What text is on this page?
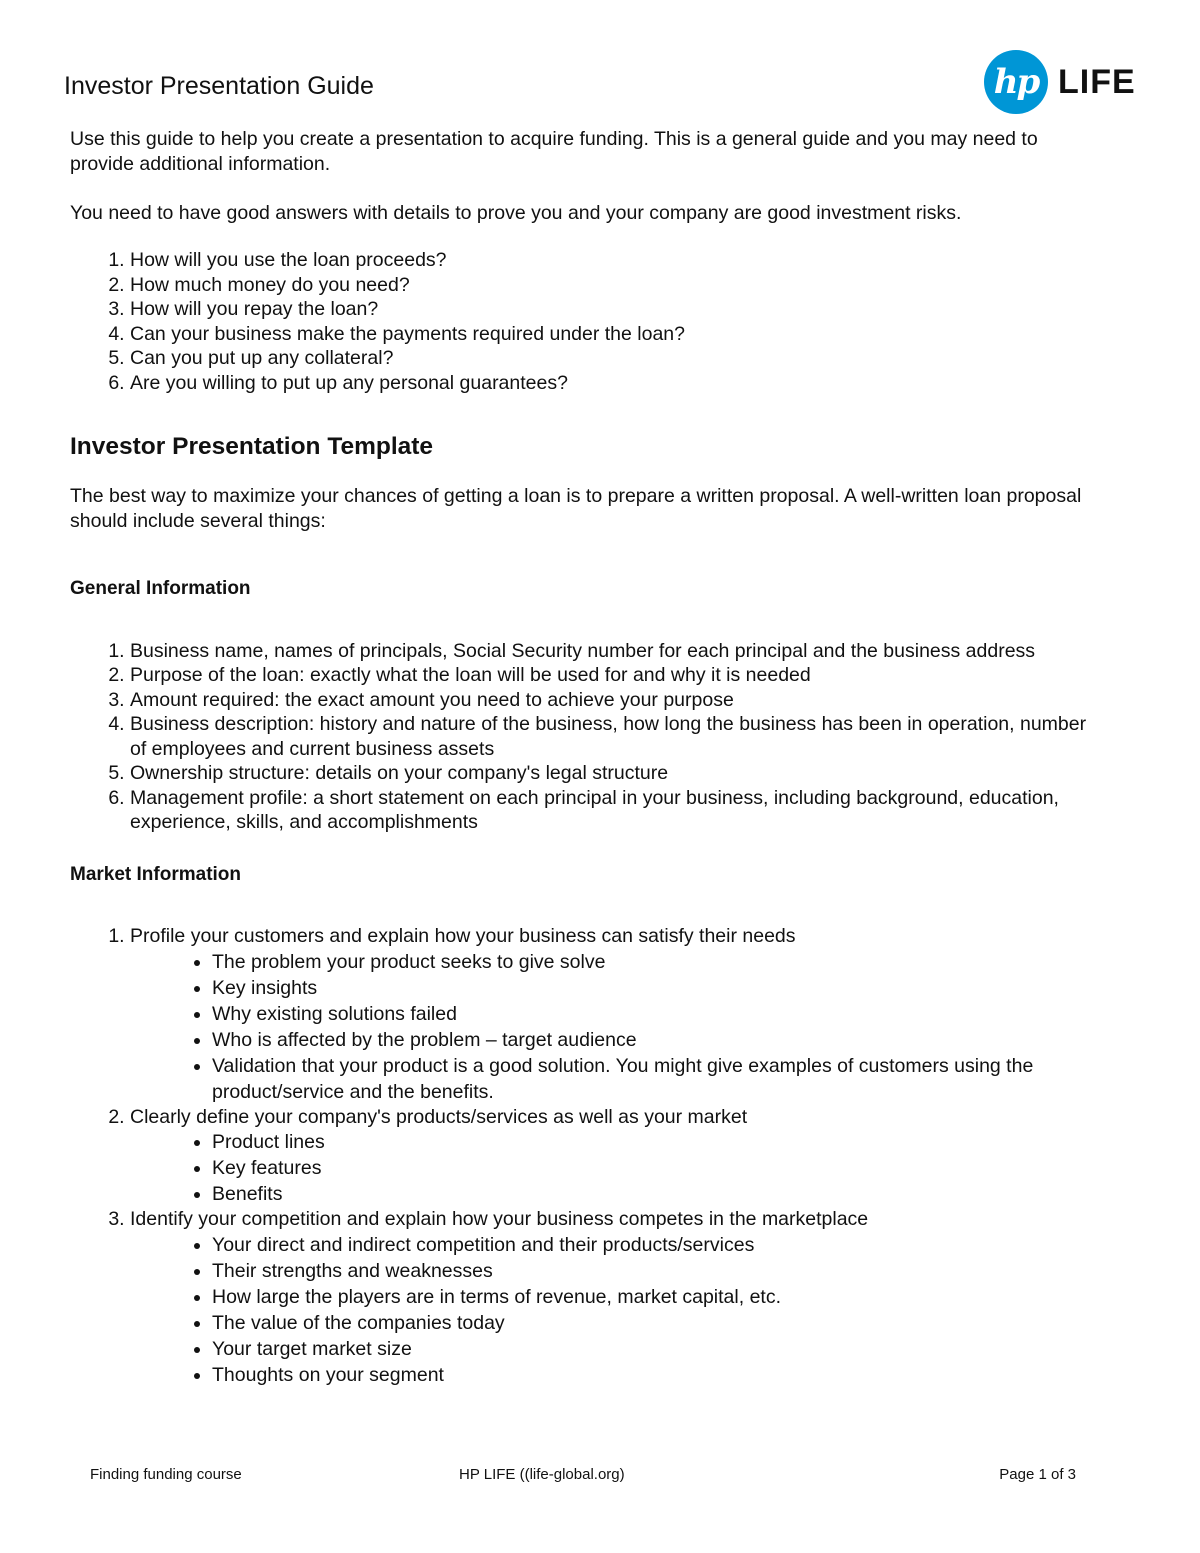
Investor Presentation Guide	hp LIFE

Use this guide to help you create a presentation to acquire funding. This is a general guide and you may need to provide additional information.

You need to have good answers with details to prove you and your company are good investment risks.

1. How will you use the loan proceeds?
2. How much money do you need?
3. How will you repay the loan?
4. Can your business make the payments required under the loan?
5. Can you put up any collateral?
6. Are you willing to put up any personal guarantees?
Investor Presentation Template

The best way to maximize your chances of getting a loan is to prepare a written proposal. A well-written loan proposal should include several things:

General Information
1. Business name, names of principals, Social Security number for each principal and the business address
2. Purpose of the loan: exactly what the loan will be used for and why it is needed
3. Amount required: the exact amount you need to achieve your purpose
4. Business description: history and nature of the business, how long the business has been in operation, number of employees and current business assets
5. Ownership structure: details on your company's legal structure
6. Management profile: a short statement on each principal in your business, including background, education, experience, skills, and accomplishments
Market Information
1. Profile your customers and explain how your business can satisfy their needs
• The problem your product seeks to give solve
• Key insights
• Why existing solutions failed
• Who is affected by the problem – target audience
• Validation that your product is a good solution. You might give examples of customers using the product/service and the benefits.
2. Clearly define your company's products/services as well as your market
• Product lines
• Key features
• Benefits
3. Identify your competition and explain how your business competes in the marketplace
• Your direct and indirect competition and their products/services
• Their strengths and weaknesses
• How large the players are in terms of revenue, market capital, etc.
• The value of the companies today
• Your target market size
• Thoughts on your segment
Finding funding course	HP LIFE ((life-global.org)	Page 1 of 3
